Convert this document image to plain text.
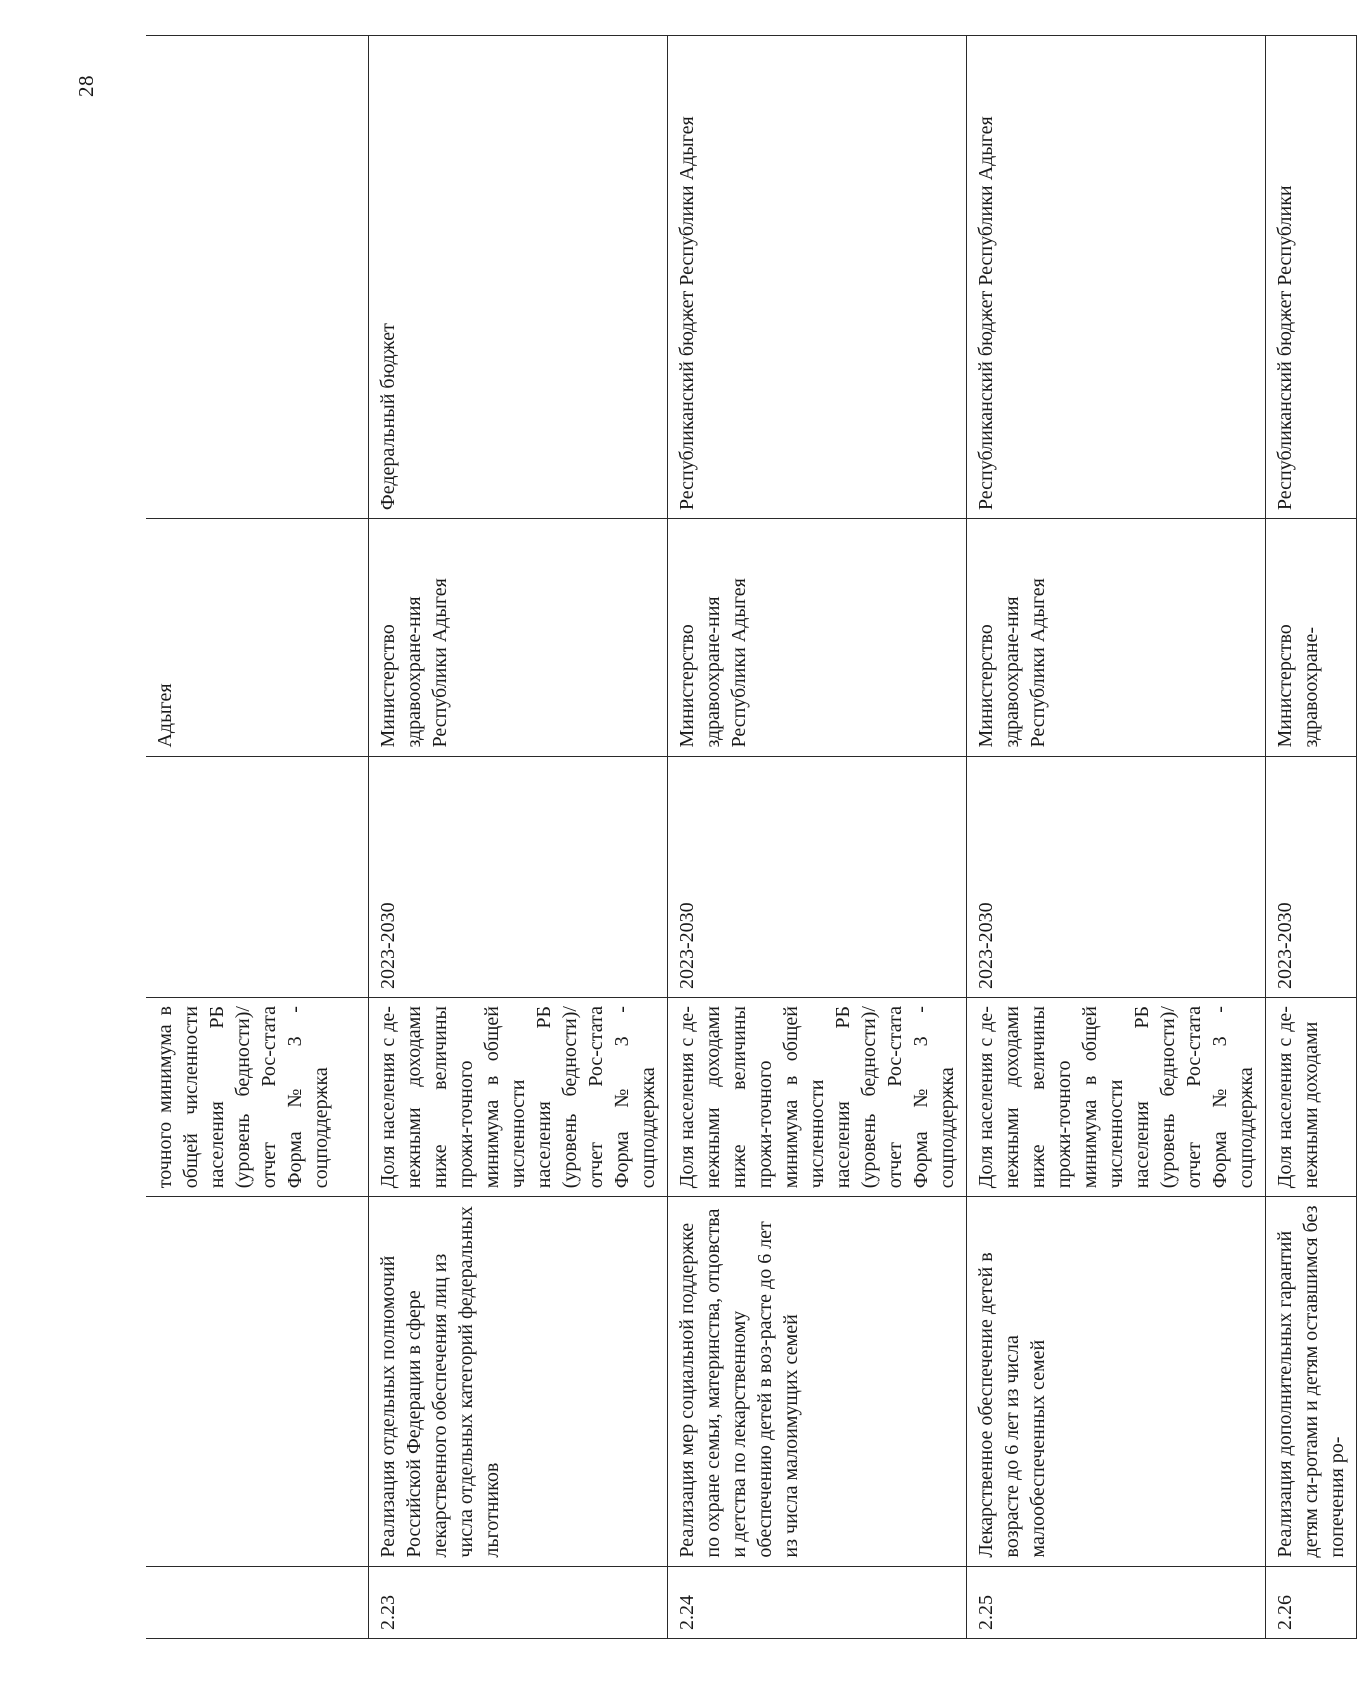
28
		точного минимума в общей численности населения РБ (уровень бедности)/отчет Рос-стата Форма № 3 - соцподдержка		Адыгея	
2.23	Реализация отдельных полномочий Российской Федерации в сфере лекарственного обеспечения лиц из числа отдельных категорий федеральных льготников	Доля населения с де-нежными доходами ниже величины прожи-точного минимума в общей численности населения РБ (уровень бедности)/отчет Рос-стата Форма № 3 - соцподдержка	2023-2030	Министерство здравоохране-ния Республики Адыгея	Федеральный бюджет
2.24	Реализация мер социальной поддержке по охране семьи, материнства, отцовства и детства по лекарственному обеспечению детей в воз-расте до 6 лет из числа малоимущих семей	Доля населения с де-нежными доходами ниже величины прожи-точного минимума в общей численности населения РБ (уровень бедности)/отчет Рос-стата Форма № 3 - соцподдержка	2023-2030	Министерство здравоохране-ния Республики Адыгея	Республиканский бюджет Республики Адыгея
2.25	Лекарственное обеспечение детей в возрасте до 6 лет из числа малообеспеченных семей	Доля населения с де-нежными доходами ниже величины прожи-точного минимума в общей численности населения РБ (уровень бедности)/отчет Рос-стата Форма № 3 - соцподдержка	2023-2030	Министерство здравоохране-ния Республики Адыгея	Республиканский бюджет Республики Адыгея
2.26	Реализация дополнительных гарантий детям си-ротами и детям оставшимся без попечения ро-	Доля населения с де-нежными доходами	2023-2030	Министерство здравоохране-	Республиканский бюджет Республики
